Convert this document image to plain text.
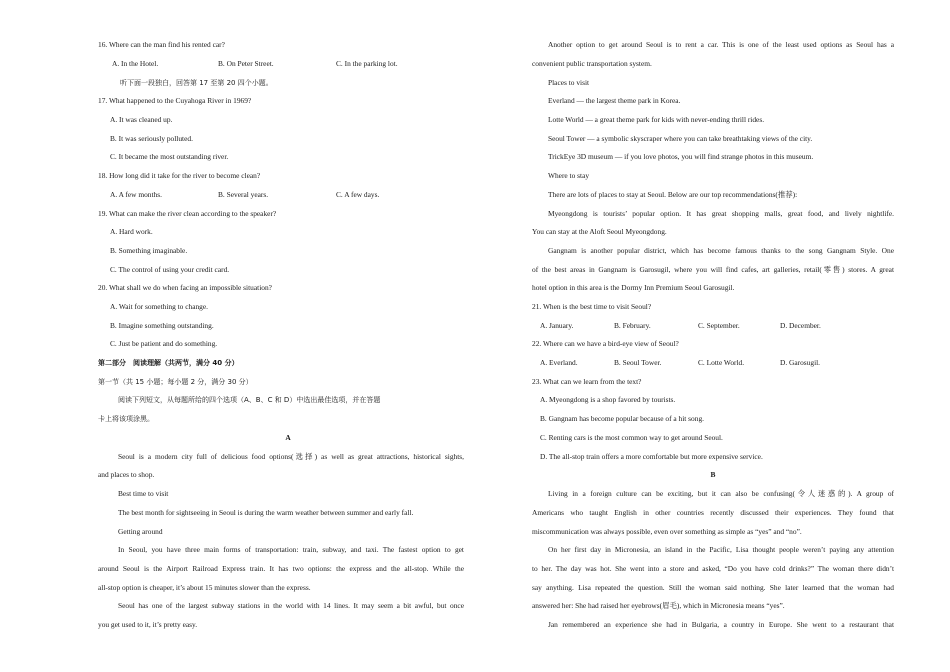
16. Where can the man find his rented car?
A. In the Hotel.	B. On Peter Street.	C. In the parking lot.
听下面一段独白，回答第 17 至第 20 四个小题。
17. What happened to the Cuyahoga River in 1969?
A. It was cleaned up.
B. It was seriously polluted.
C. It became the most outstanding river.
18. How long did it take for the river to become clean?
A. A few months.	B. Several years.	C. A few days.
19. What can make the river clean according to the speaker?
A. Hard work.
B. Something imaginable.
C. The control of using your credit card.
20. What shall we do when facing an impossible situation?
A. Wait for something to change.
B. Imagine something outstanding.
C. Just be patient and do something.
第二部分　阅读理解（共两节，满分 40 分）
第一节（共 15 小题；每小题 2 分，满分 30 分）
阅读下列短文，从每题所给的四个选项（A、B、C 和 D）中选出最佳选项，并在答题
卡上将该项涂黑。
A
Seoul is a modern city full of delicious food options(选择) as well as great attractions, historical sights,
and places to shop.
Best time to visit
The best month for sightseeing in Seoul is during the warm weather between summer and early fall.
Getting around
In Seoul, you have three main forms of transportation: train, subway, and taxi. The fastest option to get
around Seoul is the Airport Railroad Express train. It has two options: the express and the all-stop. While the
all-stop option is cheaper, it’s about 15 minutes slower than the express.
Seoul has one of the largest subway stations in the world with 14 lines. It may seem a bit awful, but once
you get used to it, it’s pretty easy.
Another option to get around Seoul is to rent a car. This is one of the least used options as Seoul has a
convenient public transportation system.
Places to visit
Everland — the largest theme park in Korea.
Lotte World — a great theme park for kids with never-ending thrill rides.
Seoul Tower — a symbolic skyscraper where you can take breathtaking views of the city.
TrickEye 3D museum — if you love photos, you will find strange photos in this museum.
Where to stay
There are lots of places to stay at Seoul. Below are our top recommendations(推荐):
Myeongdong is tourists’ popular option. It has great shopping malls, great food, and lively nightlife.
You can stay at the Aloft Seoul Myeongdong.
Gangnam is another popular district, which has become famous thanks to the song Gangnam Style. One
of the best areas in Gangnam is Garosugil, where you will find cafes, art galleries, retail(零售) stores. A great
hotel option in this area is the Dormy Inn Premium Seoul Garosugil.
21. When is the best time to visit Seoul?
A. January.	B. February.	C. September.	D. December.
22. Where can we have a bird-eye view of Seoul?
A. Everland.	B. Seoul Tower.	C. Lotte World.	D. Garosugil.
23. What can we learn from the text?
A. Myeongdong is a shop favored by tourists.
B. Gangnam has become popular because of a hit song.
C. Renting cars is the most common way to get around Seoul.
D. The all-stop train offers a more comfortable but more expensive service.
B
Living in a foreign culture can be exciting, but it can also be confusing(令人迷惑的). A group of
Americans who taught English in other countries recently discussed their experiences. They found that
miscommunication was always possible, even over something as simple as “yes” and “no”.
On her first day in Micronesia, an island in the Pacific, Lisa thought people weren’t paying any attention
to her. The day was hot. She went into a store and asked, “Do you have cold drinks?” The woman there didn’t
say anything. Lisa repeated the question. Still the woman said nothing. She later learned that the woman had
answered her: She had raised her eyebrows(眉毛), which in Micronesia means “yes”.
Jan remembered an experience she had in Bulgaria, a country in Europe. She went to a restaurant that
